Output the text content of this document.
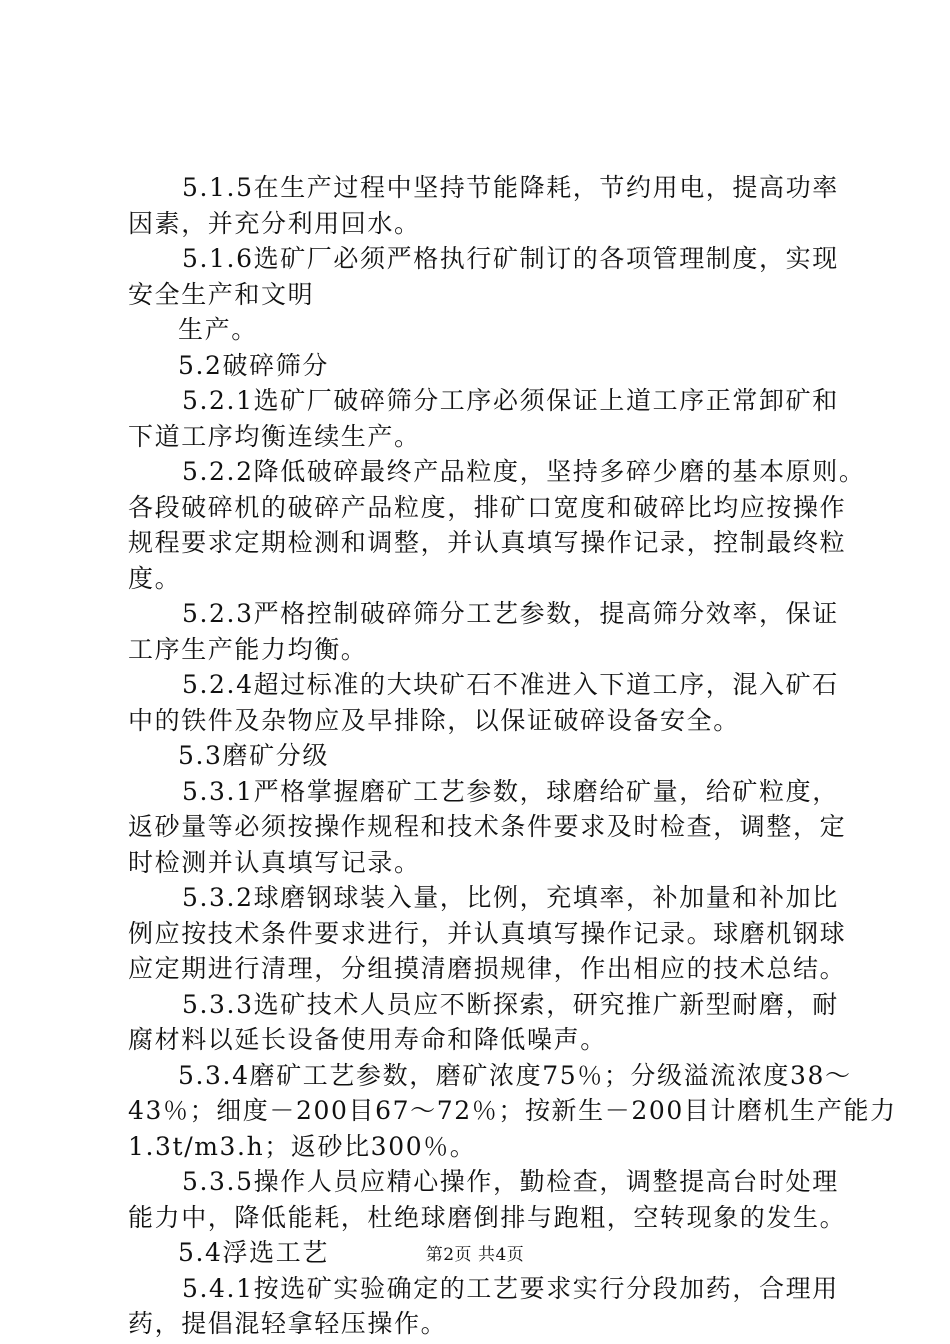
5.1.5在生产过程中坚持节能降耗，节约用电，提高功率
因素，并充分利用回水。
5.1.6选矿厂必须严格执行矿制订的各项管理制度，实现
安全生产和文明
生产。
5.2破碎筛分
5.2.1选矿厂破碎筛分工序必须保证上道工序正常卸矿和
下道工序均衡连续生产。
5.2.2降低破碎最终产品粒度，坚持多碎少磨的基本原则。
各段破碎机的破碎产品粒度，排矿口宽度和破碎比均应按操作
规程要求定期检测和调整，并认真填写操作记录，控制最终粒
度。
5.2.3严格控制破碎筛分工艺参数，提高筛分效率，保证
工序生产能力均衡。
5.2.4超过标准的大块矿石不准进入下道工序，混入矿石
中的铁件及杂物应及早排除，以保证破碎设备安全。
5.3磨矿分级
5.3.1严格掌握磨矿工艺参数，球磨给矿量，给矿粒度，
返砂量等必须按操作规程和技术条件要求及时检查，调整，定
时检测并认真填写记录。
5.3.2球磨钢球装入量，比例，充填率，补加量和补加比
例应按技术条件要求进行，并认真填写操作记录。球磨机钢球
应定期进行清理，分组摸清磨损规律，作出相应的技术总结。
5.3.3选矿技术人员应不断探索，研究推广新型耐磨，耐
腐材料以延长设备使用寿命和降低噪声。
5.3.4磨矿工艺参数，磨矿浓度75％；分级溢流浓度38～
43％；细度－200目67～72％；按新生－200目计磨机生产能力
1.3t/m3.h；返砂比300％。
5.3.5操作人员应精心操作，勤检查，调整提高台时处理
能力中，降低能耗，杜绝球磨倒排与跑粗，空转现象的发生。
5.4浮选工艺
5.4.1按选矿实验确定的工艺要求实行分段加药，合理用
药，提倡混轻拿轻压操作。
第2页 共4页
